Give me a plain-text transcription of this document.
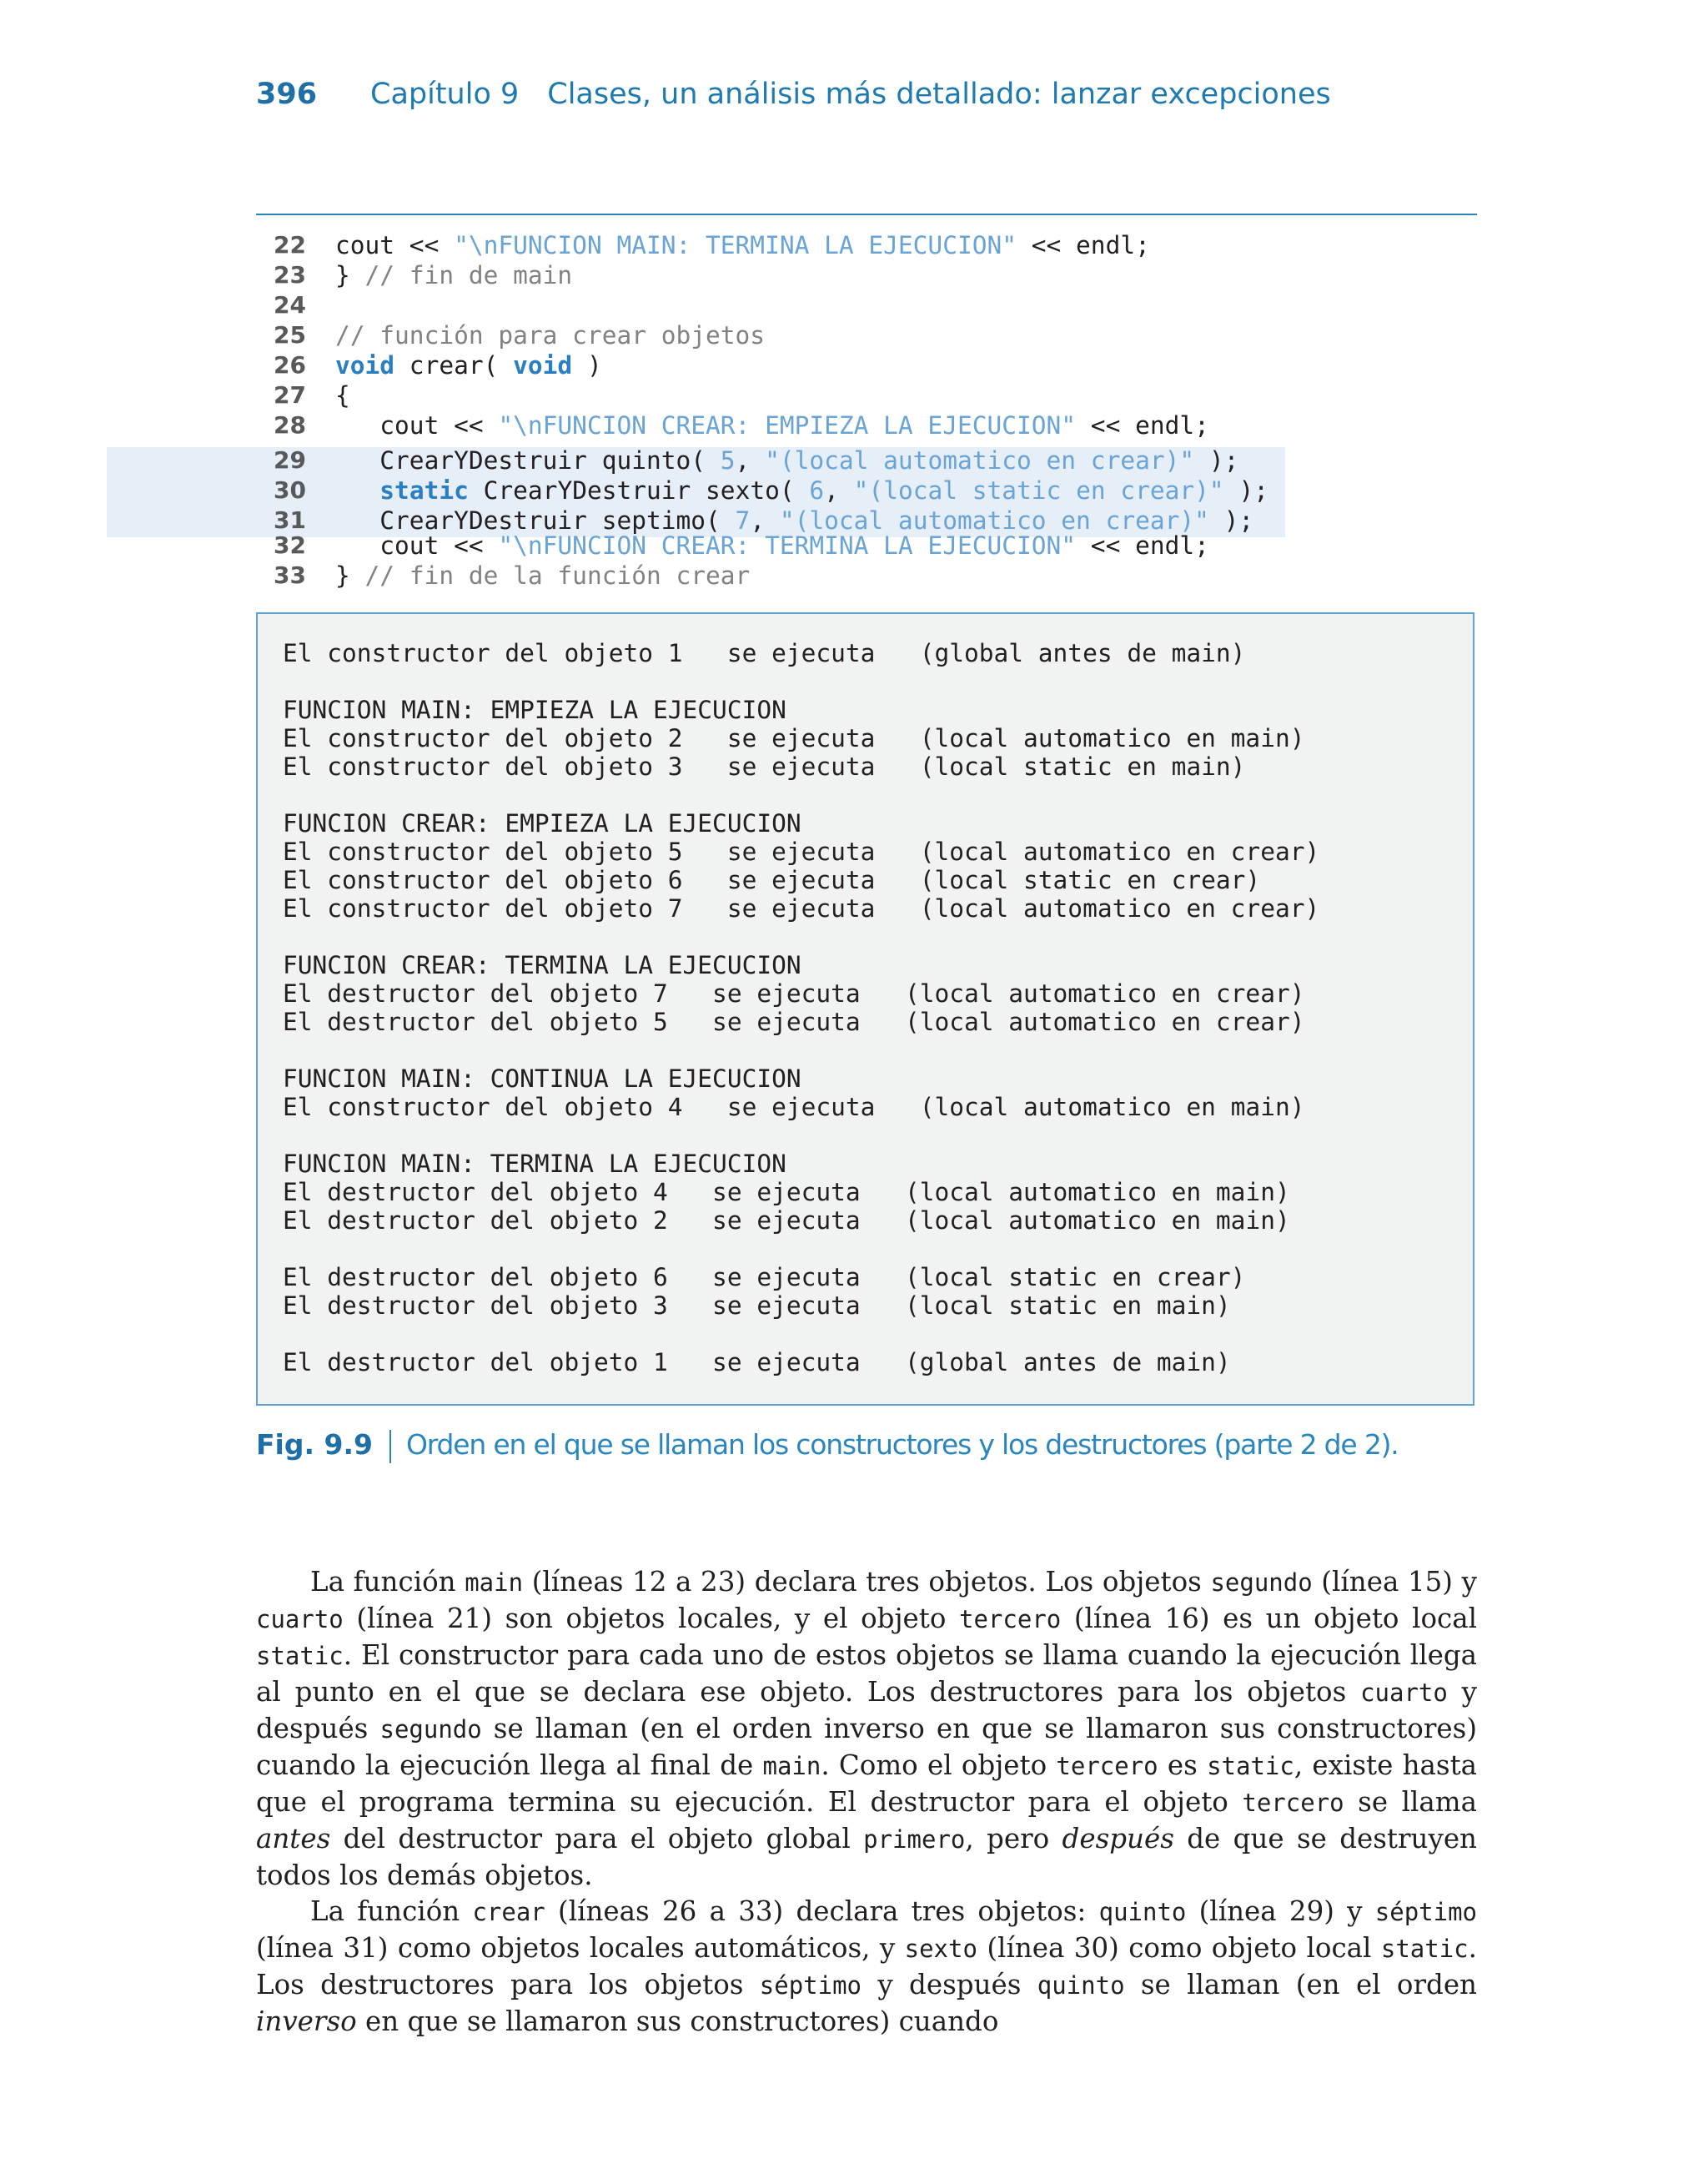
396 Capítulo 9 Clases, un análisis más detallado: lanzar excepciones
22 cout << "\nFUNCION MAIN: TERMINA LA EJECUCION" << endl;
23 } // fin de main
24
25 // función para crear objetos
26 void crear( void )
27 {
28 cout << "\nFUNCION CREAR: EMPIEZA LA EJECUCION" << endl;
29 CrearYDestruir quinto( 5, "(local automatico en crear)" );
30	static CrearYDestruir sexto( 6, "(local static en crear)" );
31 CrearYDestruir septimo( 7, "(local automatico en crear)" );
32 cout << "\nFUNCION CREAR: TERMINA LA EJECUCION" << endl;
33 } // fin de la función crear
El constructor del objeto 1   se ejecuta   (global antes de main)
FUNCION MAIN: EMPIEZA LA EJECUCION
El constructor del objeto 2   se ejecuta   (local automatico en main)
El constructor del objeto 3   se ejecuta   (local static en main)
FUNCION CREAR: EMPIEZA LA EJECUCION
El constructor del objeto 5   se ejecuta   (local automatico en crear)
El constructor del objeto 6   se ejecuta   (local static en crear)
El constructor del objeto 7   se ejecuta   (local automatico en crear)
FUNCION CREAR: TERMINA LA EJECUCION
El destructor del objeto 7   se ejecuta   (local automatico en crear)
El destructor del objeto 5   se ejecuta   (local automatico en crear)
FUNCION MAIN: CONTINUA LA EJECUCION
El constructor del objeto 4   se ejecuta   (local automatico en main)
FUNCION MAIN: TERMINA LA EJECUCION
El destructor del objeto 4   se ejecuta   (local automatico en main)
El destructor del objeto 2   se ejecuta   (local automatico en main)
El destructor del objeto 6   se ejecuta   (local static en crear)
El destructor del objeto 3   se ejecuta   (local static en main)
El destructor del objeto 1   se ejecuta   (global antes de main)
Fig. 9.9 Orden en el que se llaman los constructores y los destructores (parte 2 de 2).

La función main (líneas 12 a 23) declara tres objetos. Los objetos segundo (línea 15) y cuarto (línea 21) son objetos locales, y el objeto tercero (línea 16) es un objeto local static. El constructor para cada uno de estos objetos se llama cuando la ejecución llega al punto en el que se declara ese objeto. Los destructores para los objetos cuarto y después segundo se llaman (en el orden inverso en que se llamaron sus constructores) cuando la ejecución llega al final de main. Como el objeto tercero es static, existe hasta que el programa termina su ejecución. El destructor para el objeto tercero se llama antes del destructor para el objeto global primero, pero después de que se destruyen todos los demás objetos.

La función crear (líneas 26 a 33) declara tres objetos: quinto (línea 29) y séptimo (línea 31) como objetos locales automáticos, y sexto (línea 30) como objeto local static. Los destructores para los objetos séptimo y después quinto se llaman (en el orden inverso en que se llamaron sus constructores) cuando
